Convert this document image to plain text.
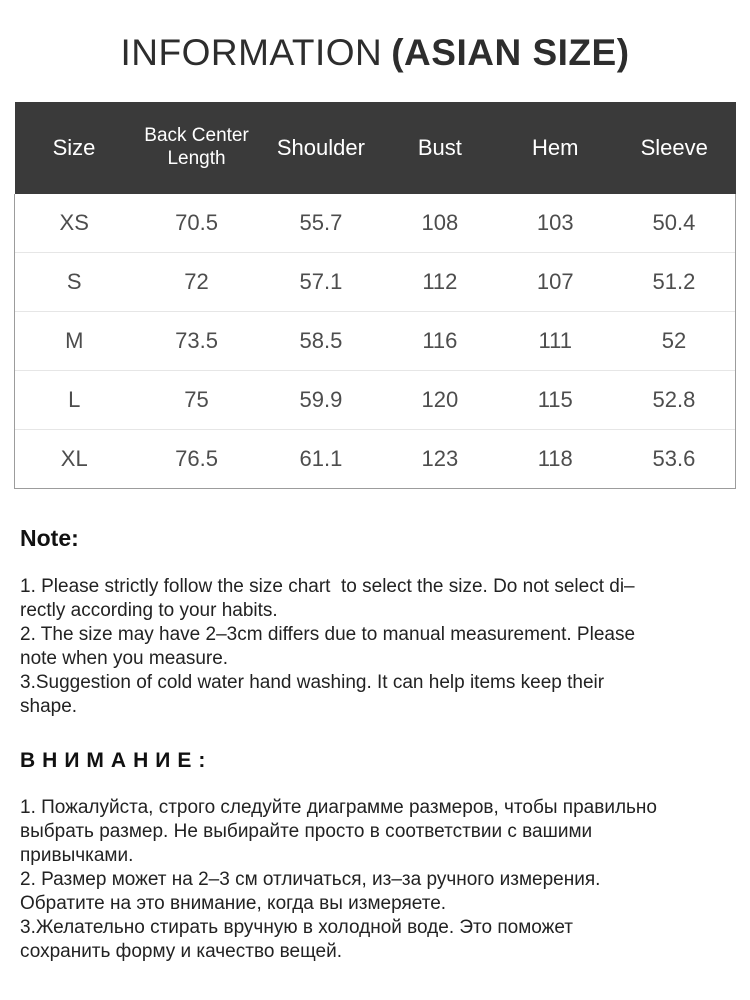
INFORMATION (ASIAN SIZE)
Size	Back Center Length	Shoulder	Bust	Hem	Sleeve
XS	70.5	55.7	108	103	50.4
S	72	57.1	112	107	51.2
M	73.5	58.5	116	111	52
L	75	59.9	120	115	52.8
XL	76.5	61.1	123	118	53.6
Note:
1. Please strictly follow the size chart  to select the size. Do not select di–
rectly according to your habits.
2. The size may have 2–3cm differs due to manual measurement. Please
note when you measure.
3.Suggestion of cold water hand washing. It can help items keep their
shape.
ВНИМАНИЕ:
1. Пожалуйста, строго следуйте диаграмме размеров, чтобы правильно
выбрать размер. Не выбирайте просто в соответствии с вашими
привычками.
2. Размер может на 2–3 см отличаться, из–за ручного измерения.
Обратите на это внимание, когда вы измеряете.
3.Желательно стирать вручную в холодной воде. Это поможет
сохранить форму и качество вещей.
